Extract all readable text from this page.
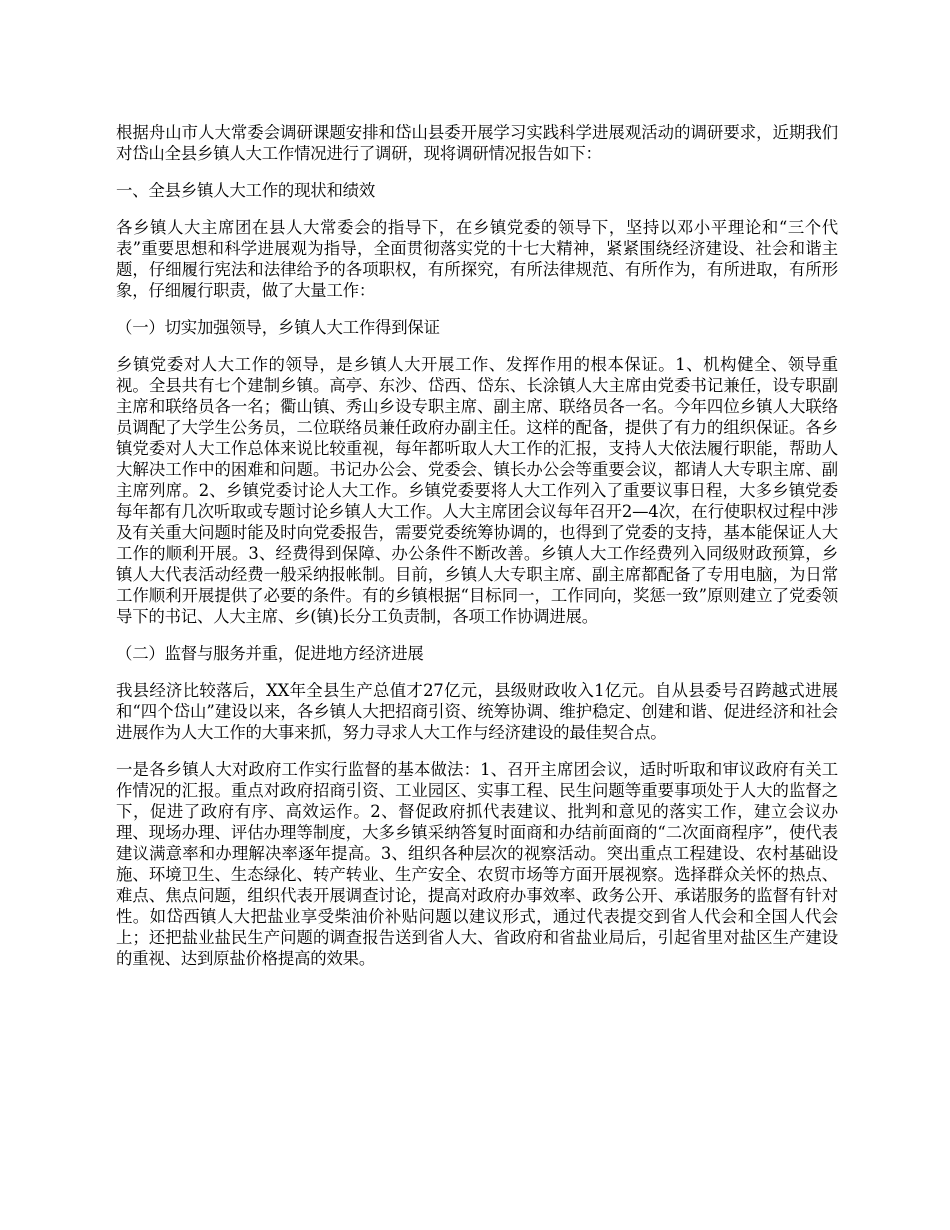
根据舟山市人大常委会调研课题安排和岱山县委开展学习实践科学进展观活动的调研要求，近期我们对岱山全县乡镇人大工作情况进行了调研，现将调研情况报告如下：

一、全县乡镇人大工作的现状和绩效

各乡镇人大主席团在县人大常委会的指导下，在乡镇党委的领导下，坚持以邓小平理论和“三个代表”重要思想和科学进展观为指导，全面贯彻落实党的十七大精神，紧紧围绕经济建设、社会和谐主题，仔细履行宪法和法律给予的各项职权，有所探究，有所法律规范、有所作为，有所进取，有所形象，仔细履行职责，做了大量工作：

（一）切实加强领导，乡镇人大工作得到保证

乡镇党委对人大工作的领导，是乡镇人大开展工作、发挥作用的根本保证。1、机构健全、领导重视。全县共有七个建制乡镇。高亭、东沙、岱西、岱东、长涂镇人大主席由党委书记兼任，设专职副主席和联络员各一名；衢山镇、秀山乡设专职主席、副主席、联络员各一名。今年四位乡镇人大联络员调配了大学生公务员，二位联络员兼任政府办副主任。这样的配备，提供了有力的组织保证。各乡镇党委对人大工作总体来说比较重视，每年都听取人大工作的汇报，支持人大依法履行职能，帮助人大解决工作中的困难和问题。书记办公会、党委会、镇长办公会等重要会议，都请人大专职主席、副主席列席。2、乡镇党委讨论人大工作。乡镇党委要将人大工作列入了重要议事日程，大多乡镇党委每年都有几次听取或专题讨论乡镇人大工作。人大主席团会议每年召开2—4次，在行使职权过程中涉及有关重大问题时能及时向党委报告，需要党委统筹协调的，也得到了党委的支持，基本能保证人大工作的顺利开展。3、经费得到保障、办公条件不断改善。乡镇人大工作经费列入同级财政预算，乡镇人大代表活动经费一般采纳报帐制。目前，乡镇人大专职主席、副主席都配备了专用电脑，为日常工作顺利开展提供了必要的条件。有的乡镇根据“目标同一，工作同向，奖惩一致”原则建立了党委领导下的书记、人大主席、乡(镇)长分工负责制，各项工作协调进展。

（二）监督与服务并重，促进地方经济进展

我县经济比较落后，XX年全县生产总值才27亿元，县级财政收入1亿元。自从县委号召跨越式进展和“四个岱山”建设以来，各乡镇人大把招商引资、统筹协调、维护稳定、创建和谐、促进经济和社会进展作为人大工作的大事来抓，努力寻求人大工作与经济建设的最佳契合点。

一是各乡镇人大对政府工作实行监督的基本做法：1、召开主席团会议，适时听取和审议政府有关工作情况的汇报。重点对政府招商引资、工业园区、实事工程、民生问题等重要事项处于人大的监督之下，促进了政府有序、高效运作。2、督促政府抓代表建议、批判和意见的落实工作，建立会议办理、现场办理、评估办理等制度，大多乡镇采纳答复时面商和办结前面商的“二次面商程序”，使代表建议满意率和办理解决率逐年提高。3、组织各种层次的视察活动。突出重点工程建设、农村基础设施、环境卫生、生态绿化、转产转业、生产安全、农贸市场等方面开展视察。选择群众关怀的热点、难点、焦点问题，组织代表开展调查讨论，提高对政府办事效率、政务公开、承诺服务的监督有针对性。如岱西镇人大把盐业享受柴油价补贴问题以建议形式，通过代表提交到省人代会和全国人代会上；还把盐业盐民生产问题的调查报告送到省人大、省政府和省盐业局后，引起省里对盐区生产建设的重视、达到原盐价格提高的效果。
